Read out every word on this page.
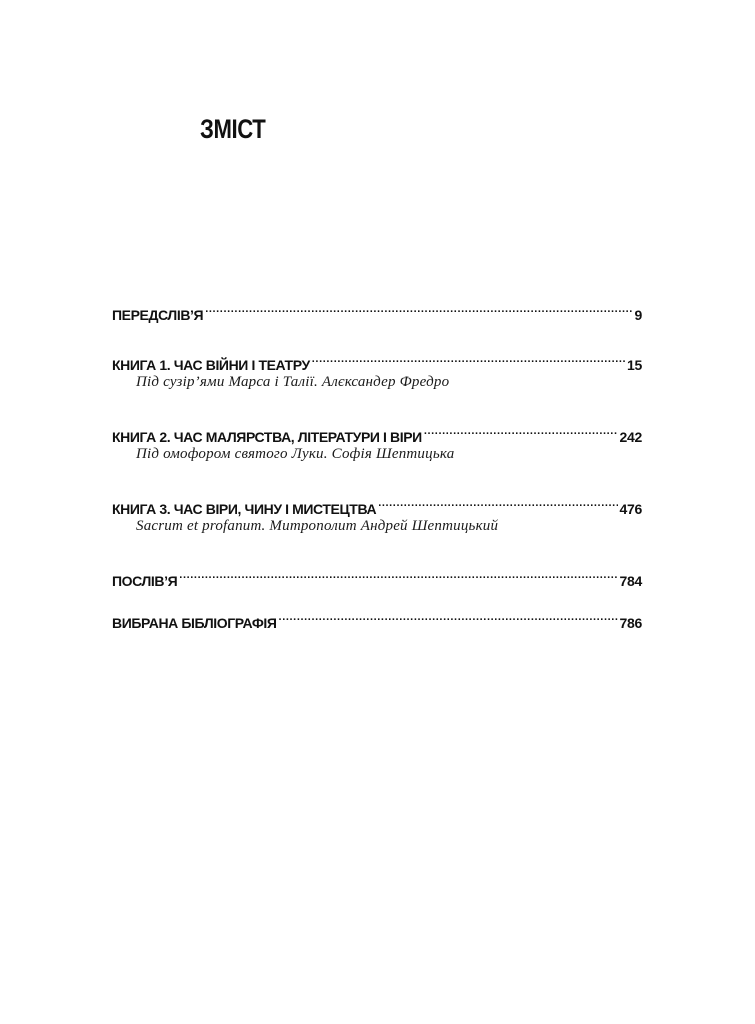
ЗМІСТ
ПЕРЕДСЛІВ’Я .....	9
КНИГА 1. ЧАС ВІЙНИ І ТЕАТРУ .....	15
Під сузір’ями Марса і Талії. Алєксандер Фредро
КНИГА 2. ЧАС МАЛЯРСТВА, ЛІТЕРАТУРИ І ВІРИ .....	242
Під омофором святого Луки. Софія Шептицька
КНИГА 3. ЧАС ВІРИ, ЧИНУ І МИСТЕЦТВА .....	476
Sacrum et profanum. Митрополит Андрей Шептицький
ПОСЛІВ’Я .....	784
ВИБРАНА БІБЛІОГРАФІЯ .....	786
